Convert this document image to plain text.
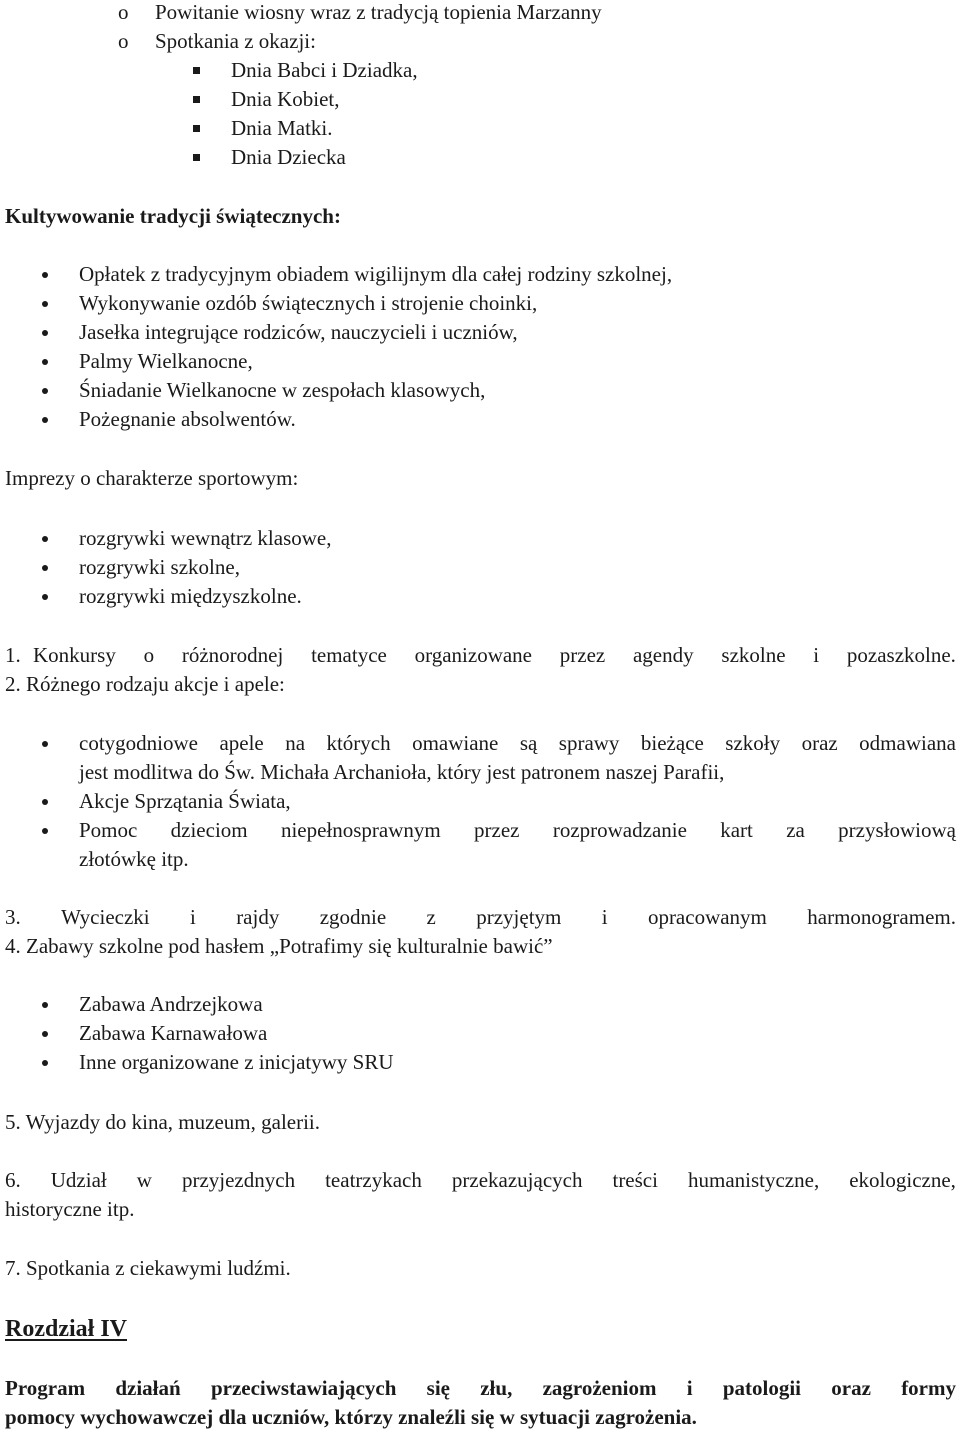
o Powitanie wiosny wraz z tradycją topienia Marzanny
o Spotkania z okazji:
Dnia Babci i Dziadka,
Dnia Kobiet,
Dnia Matki.
Dnia Dziecka
Kultywowanie tradycji świątecznych:
Opłatek z tradycyjnym obiadem wigilijnym dla całej rodziny szkolnej,
Wykonywanie ozdób świątecznych i strojenie choinki,
Jasełka integrujące rodziców, nauczycieli i uczniów,
Palmy Wielkanocne,
Śniadanie Wielkanocne w zespołach klasowych,
Pożegnanie absolwentów.
Imprezy o charakterze sportowym:
rozgrywki wewnątrz klasowe,
rozgrywki szkolne,
rozgrywki międzyszkolne.
1. Konkursy o różnorodnej tematyce organizowane przez agendy szkolne i pozaszkolne.
2. Różnego rodzaju akcje i apele:
cotygodniowe apele na których omawiane są sprawy bieżące szkoły oraz odmawiana
jest modlitwa do Św. Michała Archanioła, który jest patronem naszej Parafii,
Akcje Sprzątania Świata,
Pomoc dzieciom niepełnosprawnym przez rozprowadzanie kart za przysłowiową
złotówkę itp.
3. Wycieczki i rajdy zgodnie z przyjętym i opracowanym harmonogramem.
4. Zabawy szkolne pod hasłem „Potrafimy się kulturalnie bawić”
Zabawa Andrzejkowa
Zabawa Karnawałowa
Inne organizowane z inicjatywy SRU
5. Wyjazdy do kina, muzeum, galerii.
6. Udział w przyjezdnych teatrzykach przekazujących treści humanistyczne, ekologiczne,
historyczne itp.
7. Spotkania z ciekawymi ludźmi.
Rozdział IV
Program działań przeciwstawiających się złu, zagrożeniom i patologii oraz formy
pomocy wychowawczej dla uczniów, którzy znaleźli się w sytuacji zagrożenia.
